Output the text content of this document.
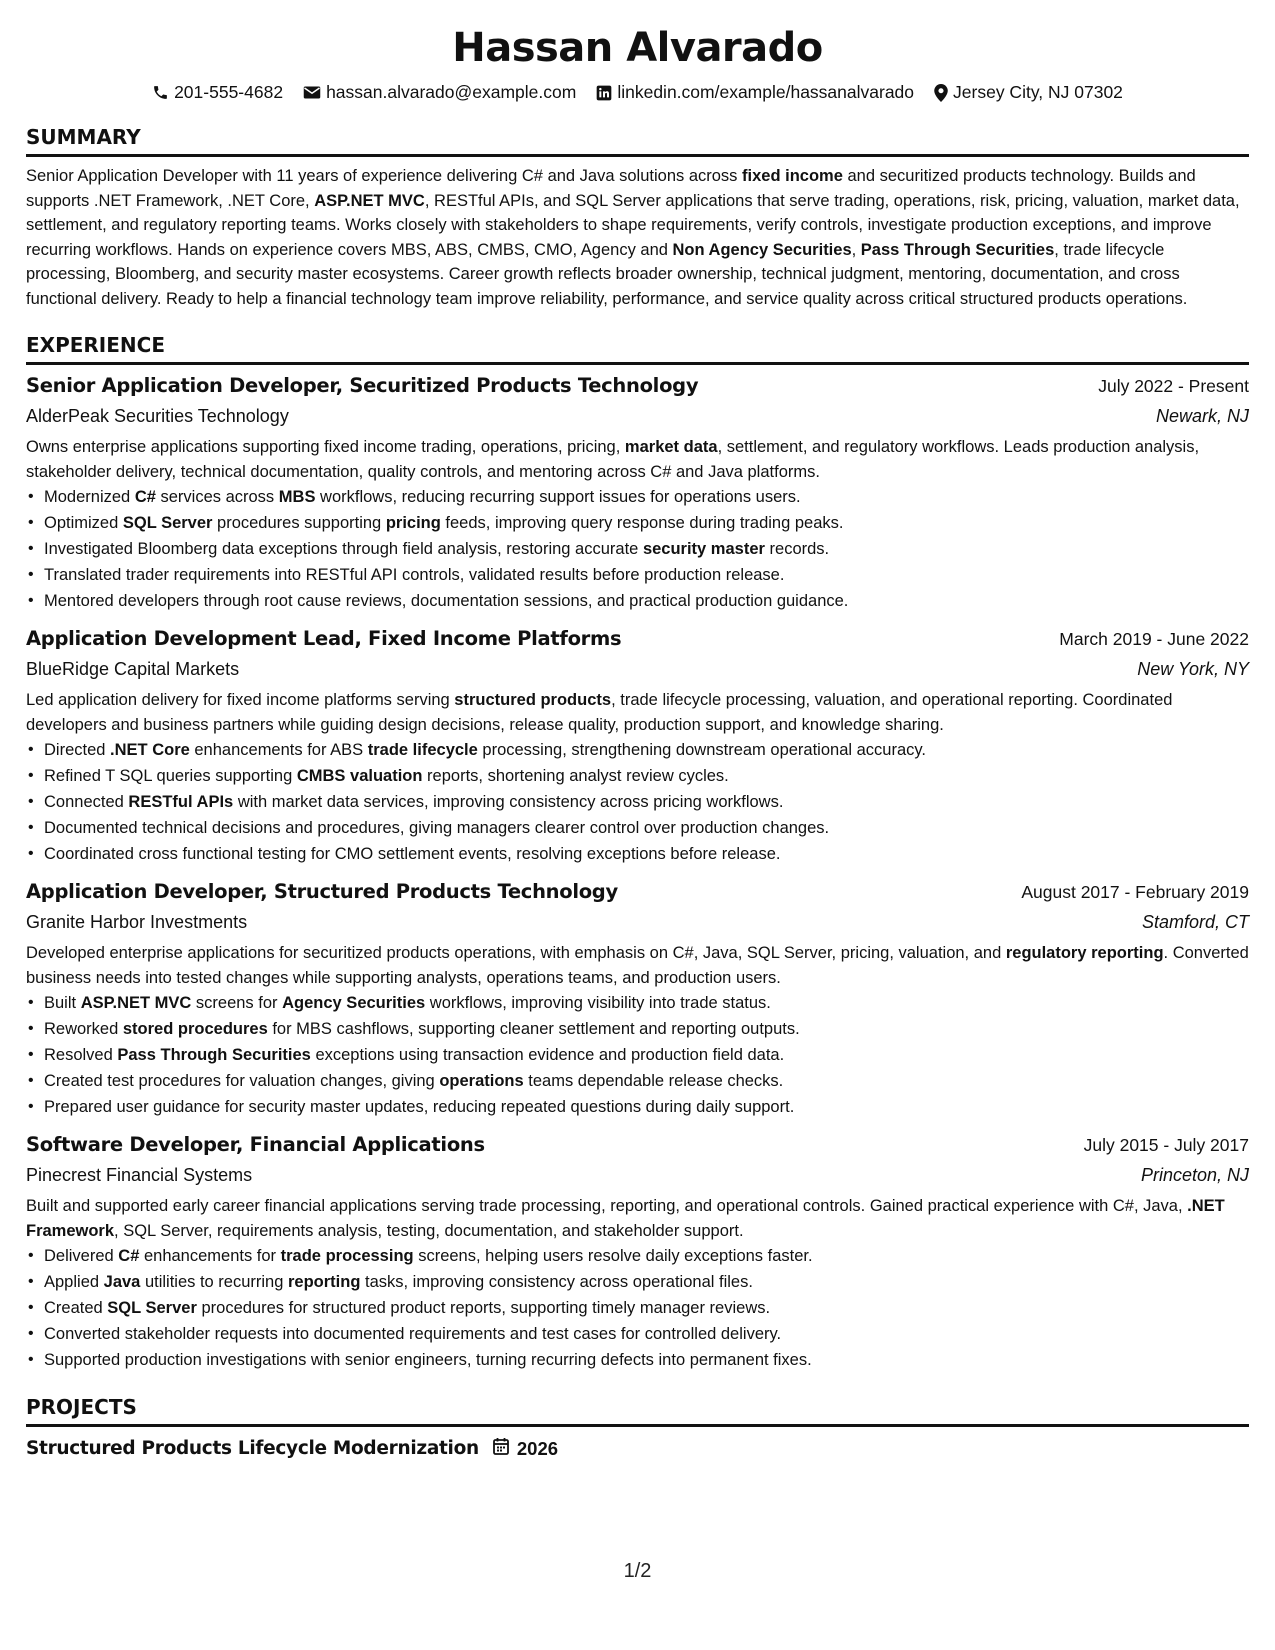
Hassan Alvarado
201-555-4682 hassan.alvarado@example.com linkedin.com/example/hassanalvarado Jersey City, NJ 07302
SUMMARY

Senior Application Developer with 11 years of experience delivering C# and Java solutions across fixed income and securitized products technology. Builds and supports .NET Framework, .NET Core, ASP.NET MVC, RESTful APIs, and SQL Server applications that serve trading, operations, risk, pricing, valuation, market data, settlement, and regulatory reporting teams. Works closely with stakeholders to shape requirements, verify controls, investigate production exceptions, and improve recurring workflows. Hands on experience covers MBS, ABS, CMBS, CMO, Agency and Non Agency Securities, Pass Through Securities, trade lifecycle processing, Bloomberg, and security master ecosystems. Career growth reflects broader ownership, technical judgment, mentoring, documentation, and cross functional delivery. Ready to help a financial technology team improve reliability, performance, and service quality across critical structured products operations.

EXPERIENCE
Senior Application Developer, Securitized Products Technology	July 2022 - Present
AlderPeak Securities Technology	Newark, NJ

Owns enterprise applications supporting fixed income trading, operations, pricing, market data, settlement, and regulatory workflows. Leads production analysis, stakeholder delivery, technical documentation, quality controls, and mentoring across C# and Java platforms.

• Modernized C# services across MBS workflows, reducing recurring support issues for operations users.
• Optimized SQL Server procedures supporting pricing feeds, improving query response during trading peaks.
• Investigated Bloomberg data exceptions through field analysis, restoring accurate security master records.
• Translated trader requirements into RESTful API controls, validated results before production release.
• Mentored developers through root cause reviews, documentation sessions, and practical production guidance.
Application Development Lead, Fixed Income Platforms	March 2019 - June 2022
BlueRidge Capital Markets	New York, NY

Led application delivery for fixed income platforms serving structured products, trade lifecycle processing, valuation, and operational reporting. Coordinated developers and business partners while guiding design decisions, release quality, production support, and knowledge sharing.

• Directed .NET Core enhancements for ABS trade lifecycle processing, strengthening downstream operational accuracy.
• Refined T SQL queries supporting CMBS valuation reports, shortening analyst review cycles.
• Connected RESTful APIs with market data services, improving consistency across pricing workflows.
• Documented technical decisions and procedures, giving managers clearer control over production changes.
• Coordinated cross functional testing for CMO settlement events, resolving exceptions before release.
Application Developer, Structured Products Technology	August 2017 - February 2019
Granite Harbor Investments	Stamford, CT

Developed enterprise applications for securitized products operations, with emphasis on C#, Java, SQL Server, pricing, valuation, and regulatory reporting. Converted business needs into tested changes while supporting analysts, operations teams, and production users.

• Built ASP.NET MVC screens for Agency Securities workflows, improving visibility into trade status.
• Reworked stored procedures for MBS cashflows, supporting cleaner settlement and reporting outputs.
• Resolved Pass Through Securities exceptions using transaction evidence and production field data.
• Created test procedures for valuation changes, giving operations teams dependable release checks.
• Prepared user guidance for security master updates, reducing repeated questions during daily support.
Software Developer, Financial Applications	July 2015 - July 2017
Pinecrest Financial Systems	Princeton, NJ

Built and supported early career financial applications serving trade processing, reporting, and operational controls. Gained practical experience with C#, Java, .NET Framework, SQL Server, requirements analysis, testing, documentation, and stakeholder support.

• Delivered C# enhancements for trade processing screens, helping users resolve daily exceptions faster.
• Applied Java utilities to recurring reporting tasks, improving consistency across operational files.
• Created SQL Server procedures for structured product reports, supporting timely manager reviews.
• Converted stakeholder requests into documented requirements and test cases for controlled delivery.
• Supported production investigations with senior engineers, turning recurring defects into permanent fixes.
PROJECTS
Structured Products Lifecycle Modernization 2026
1/2
